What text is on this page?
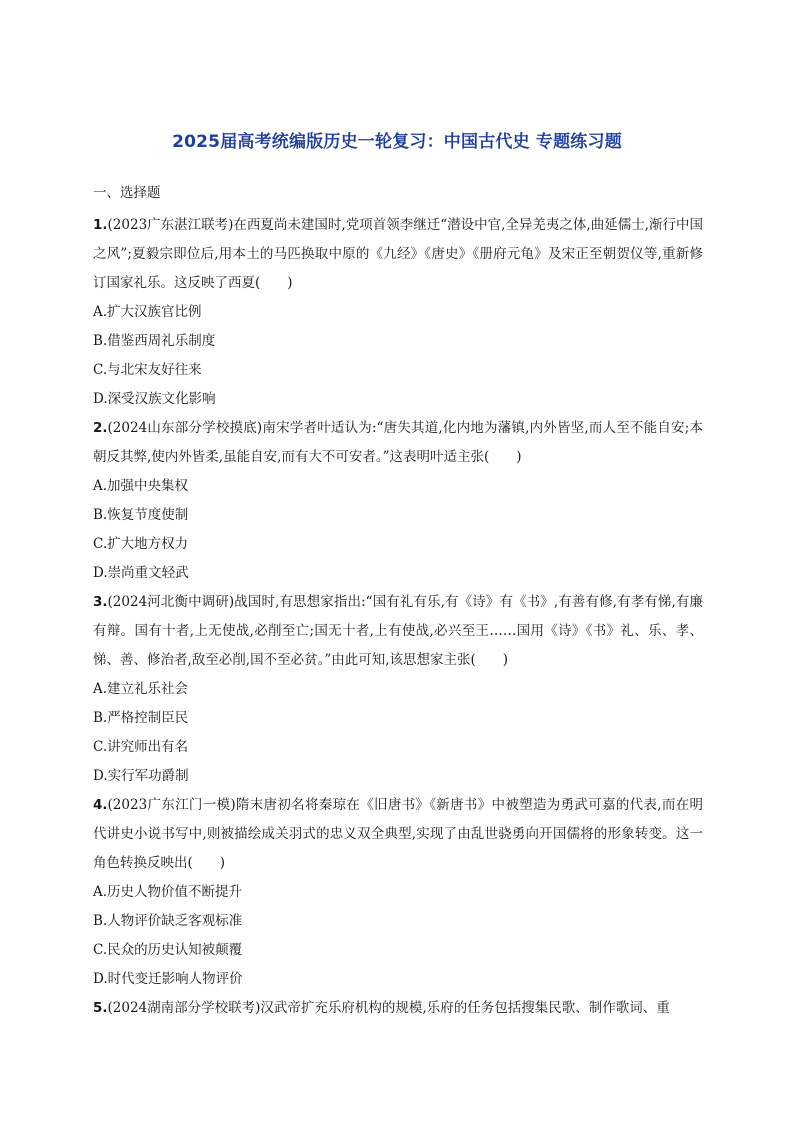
2025届高考统编版历史一轮复习：中国古代史 专题练习题
一、选择题
1.(2023广东湛江联考)在西夏尚未建国时,党项首领李继迁“潜设中官,全异羌夷之体,曲延儒士,渐行中国之风”;夏毅宗即位后,用本土的马匹换取中原的《九经》《唐史》《册府元龟》及宋正至朝贺仪等,重新修订国家礼乐。这反映了西夏(　　)
A.扩大汉族官比例
B.借鉴西周礼乐制度
C.与北宋友好往来
D.深受汉族文化影响
2.(2024山东部分学校摸底)南宋学者叶适认为:“唐失其道,化内地为藩镇,内外皆坚,而人至不能自安;本朝反其弊,使内外皆柔,虽能自安,而有大不可安者。”这表明叶适主张(　　)
A.加强中央集权
B.恢复节度使制
C.扩大地方权力
D.崇尚重文轻武
3.(2024河北衡中调研)战国时,有思想家指出:“国有礼有乐,有《诗》有《书》,有善有修,有孝有悌,有廉有辩。国有十者,上无使战,必削至亡;国无十者,上有使战,必兴至王……国用《诗》《书》礼、乐、孝、悌、善、修治者,敌至必削,国不至必贫。”由此可知,该思想家主张(　　)
A.建立礼乐社会
B.严格控制臣民
C.讲究师出有名
D.实行军功爵制
4.(2023广东江门一模)隋末唐初名将秦琼在《旧唐书》《新唐书》中被塑造为勇武可嘉的代表,而在明代讲史小说书写中,则被描绘成关羽式的忠义双全典型,实现了由乱世骁勇向开国儒将的形象转变。这一角色转换反映出(　　)
A.历史人物价值不断提升
B.人物评价缺乏客观标准
C.民众的历史认知被颠覆
D.时代变迁影响人物评价
5.(2024湖南部分学校联考)汉武帝扩充乐府机构的规模,乐府的任务包括搜集民歌、制作歌词、重
